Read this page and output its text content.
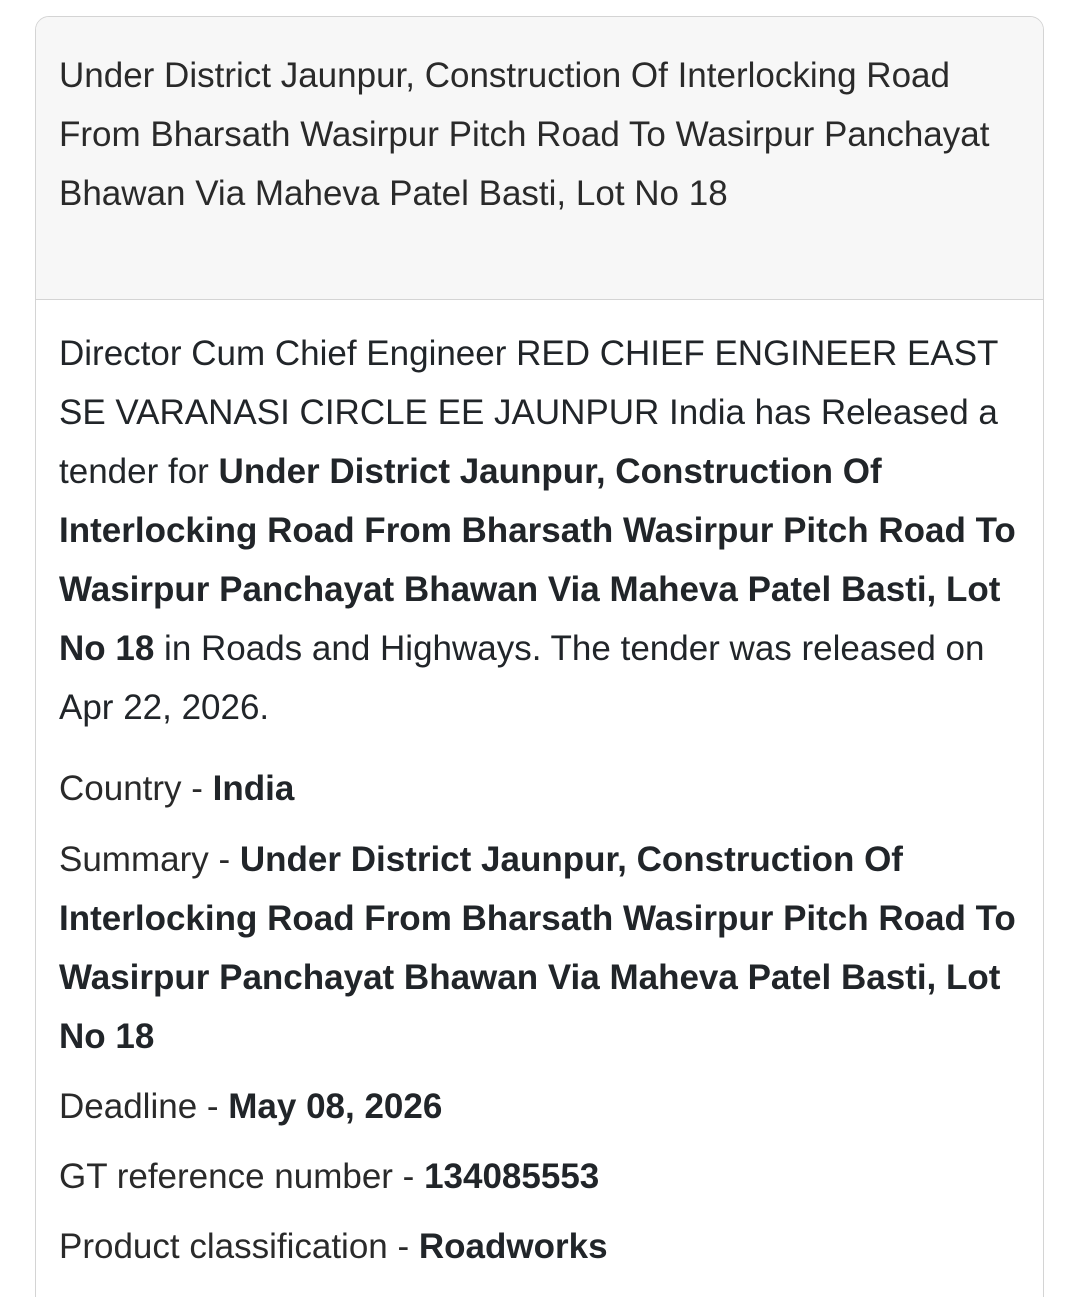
Under District Jaunpur, Construction Of Interlocking Road From Bharsath Wasirpur Pitch Road To Wasirpur Panchayat Bhawan Via Maheva Patel Basti, Lot No 18

Director Cum Chief Engineer RED CHIEF ENGINEER EAST SE VARANASI CIRCLE EE JAUNPUR India has Released a tender for Under District Jaunpur, Construction Of Interlocking Road From Bharsath Wasirpur Pitch Road To Wasirpur Panchayat Bhawan Via Maheva Patel Basti, Lot No 18 in Roads and Highways. The tender was released on Apr 22, 2026.

Country - India

Summary - Under District Jaunpur, Construction Of Interlocking Road From Bharsath Wasirpur Pitch Road To Wasirpur Panchayat Bhawan Via Maheva Patel Basti, Lot No 18

Deadline - May 08, 2026

GT reference number - 134085553

Product classification - Roadworks
